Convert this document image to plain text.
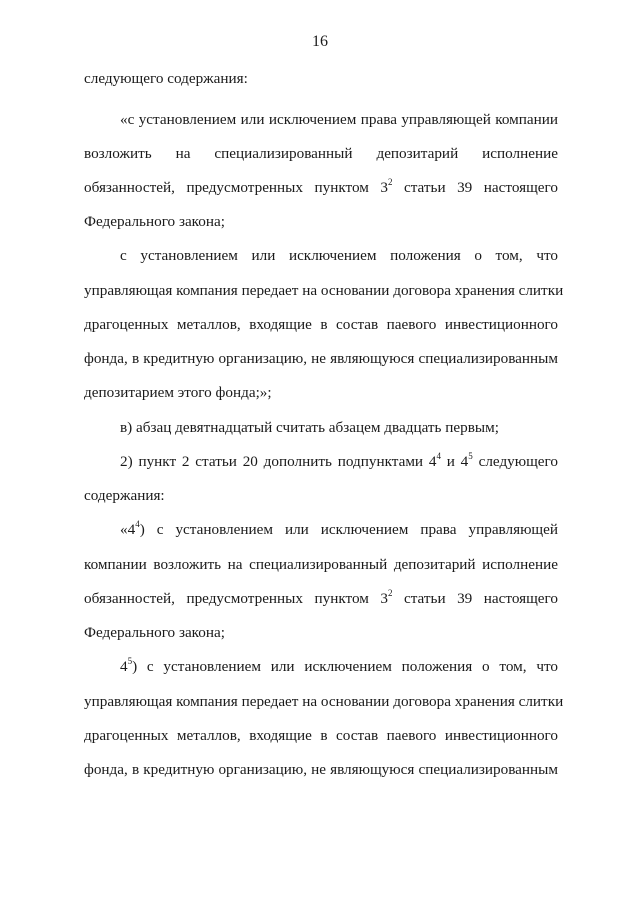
16
следующего содержания:
«с установлением или исключением права управляющей компании
возложить на специализированный депозитарий исполнение
обязанностей, предусмотренных пунктом $3^2$ статьи 39 настоящего
Федерального закона;
с установлением или исключением положения о том, что
управляющая компания передает на основании договора хранения слитки
драгоценных металлов, входящие в состав паевого инвестиционного
фонда, в кредитную организацию, не являющуюся специализированным
депозитарием этого фонда;»;
в) абзац девятнадцатый считать абзацем двадцать первым;
2) пункт 2 статьи 20 дополнить подпунктами $4^4$ и $4^5$ следующего
содержания:
«$4^4$) с установлением или исключением права управляющей
компании возложить на специализированный депозитарий исполнение
обязанностей, предусмотренных пунктом $3^2$ статьи 39 настоящего
Федерального закона;
$4^5$) с установлением или исключением положения о том, что
управляющая компания передает на основании договора хранения слитки
драгоценных металлов, входящие в состав паевого инвестиционного
фонда, в кредитную организацию, не являющуюся специализированным
